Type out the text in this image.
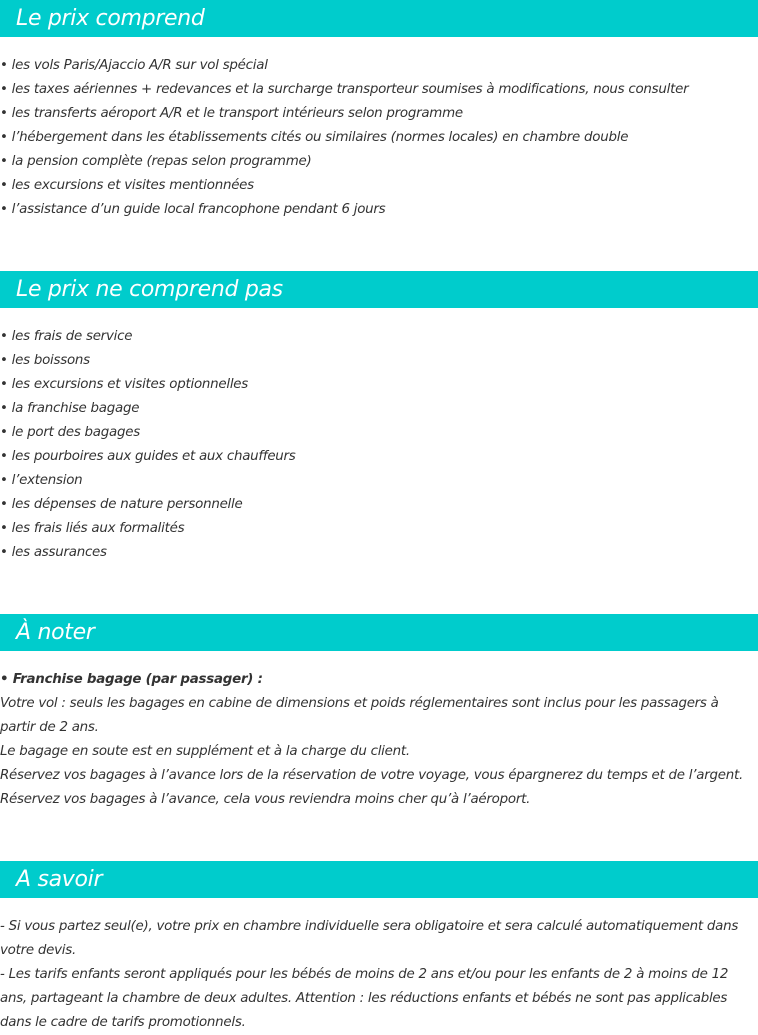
Le prix comprend
• les vols Paris/Ajaccio A/R sur vol spécial
• les taxes aériennes + redevances et la surcharge transporteur soumises à modifications, nous consulter
• les transferts aéroport A/R et le transport intérieurs selon programme
• l’hébergement dans les établissements cités ou similaires (normes locales) en chambre double
• la pension complète (repas selon programme)
• les excursions et visites mentionnées
• l’assistance d’un guide local francophone pendant 6 jours
Le prix ne comprend pas
• les frais de service
• les boissons
• les excursions et visites optionnelles
• la franchise bagage
• le port des bagages
• les pourboires aux guides et aux chauffeurs
• l’extension
• les dépenses de nature personnelle
• les frais liés aux formalités
• les assurances
À noter
• Franchise bagage (par passager) :
Votre vol : seuls les bagages en cabine de dimensions et poids réglementaires sont inclus pour les passagers à partir de 2 ans.
Le bagage en soute est en supplément et à la charge du client.
Réservez vos bagages à l’avance lors de la réservation de votre voyage, vous épargnerez du temps et de l’argent.
Réservez vos bagages à l’avance, cela vous reviendra moins cher qu’à l’aéroport.
A savoir
- Si vous partez seul(e), votre prix en chambre individuelle sera obligatoire et sera calculé automatiquement dans votre devis.
- Les tarifs enfants seront appliqués pour les bébés de moins de 2 ans et/ou pour les enfants de 2 à moins de 12 ans, partageant la chambre de deux adultes. Attention : les réductions enfants et bébés ne sont pas applicables dans le cadre de tarifs promotionnels.
